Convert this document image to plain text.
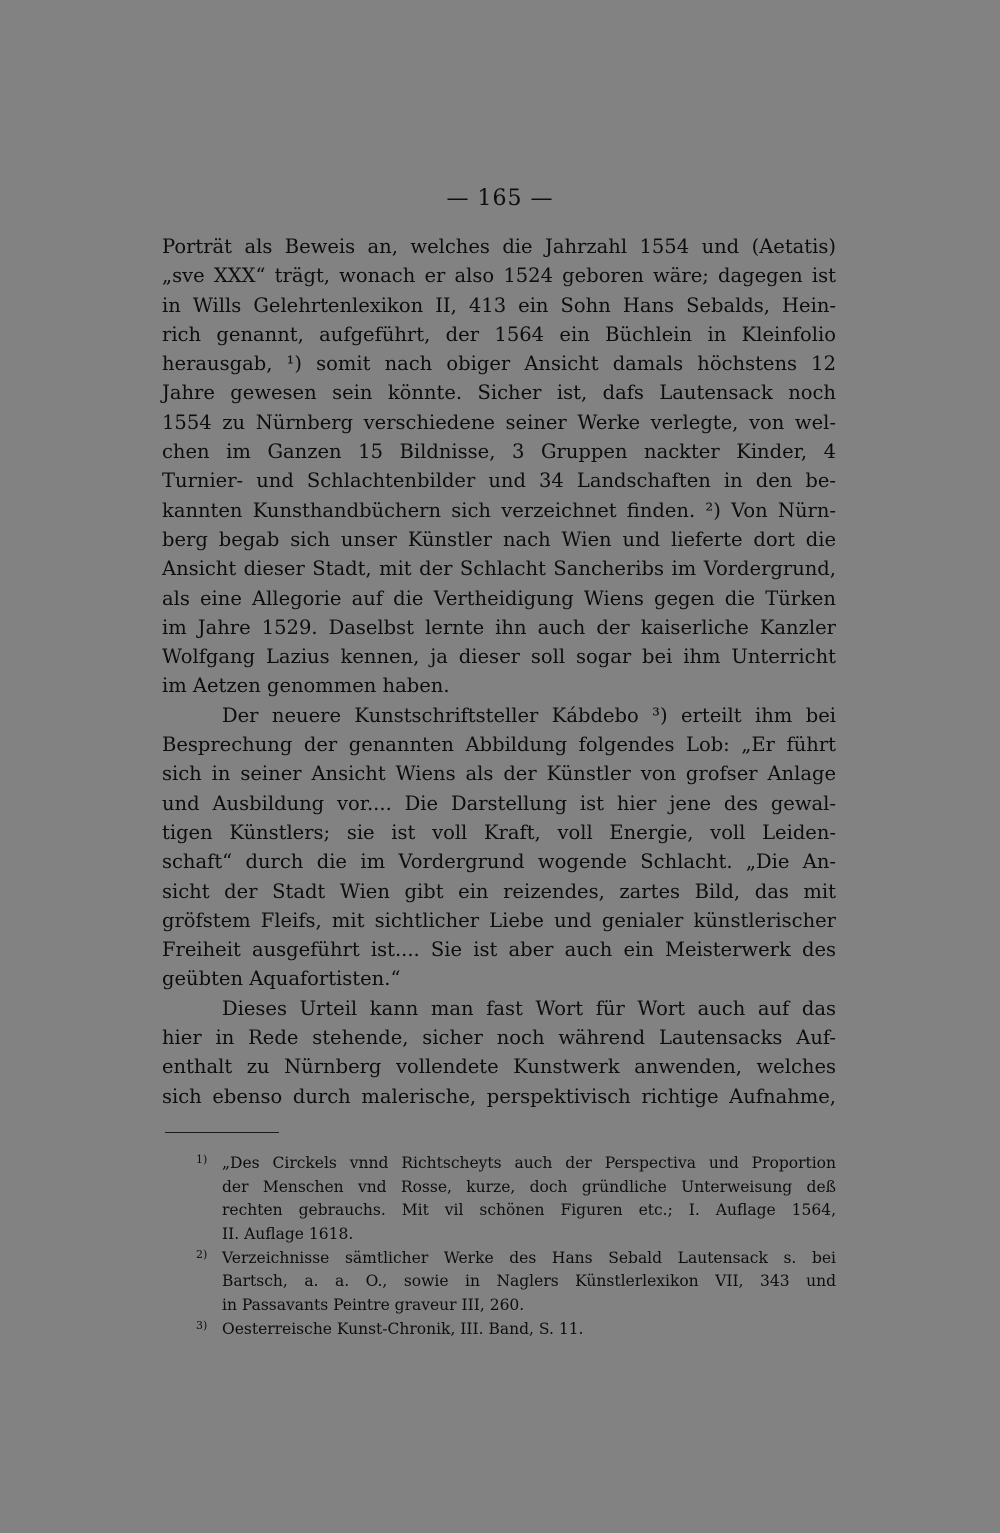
— 165 —
Porträt als Beweis an, welches die Jahrzahl 1554 und (Aetatis)
„sve XXX“ trägt, wonach er also 1524 geboren wäre; dagegen ist
in Wills Gelehrtenlexikon II, 413 ein Sohn Hans Sebalds, Hein-
rich genannt, aufgeführt, der 1564 ein Büchlein in Kleinfolio
herausgab, ¹) somit nach obiger Ansicht damals höchstens 12
Jahre gewesen sein könnte. Sicher ist, dafs Lautensack noch
1554 zu Nürnberg verschiedene seiner Werke verlegte, von wel-
chen im Ganzen 15 Bildnisse, 3 Gruppen nackter Kinder, 4
Turnier- und Schlachtenbilder und 34 Landschaften in den be-
kannten Kunsthandbüchern sich verzeichnet finden. ²) Von Nürn-
berg begab sich unser Künstler nach Wien und lieferte dort die
Ansicht dieser Stadt, mit der Schlacht Sancheribs im Vordergrund,
als eine Allegorie auf die Vertheidigung Wiens gegen die Türken
im Jahre 1529. Daselbst lernte ihn auch der kaiserliche Kanzler
Wolfgang Lazius kennen, ja dieser soll sogar bei ihm Unterricht
im Aetzen genommen haben.
Der neuere Kunstschriftsteller Kábdebo ³) erteilt ihm bei
Besprechung der genannten Abbildung folgendes Lob: „Er führt
sich in seiner Ansicht Wiens als der Künstler von grofser Anlage
und Ausbildung vor.... Die Darstellung ist hier jene des gewal-
tigen Künstlers; sie ist voll Kraft, voll Energie, voll Leiden-
schaft“ durch die im Vordergrund wogende Schlacht. „Die An-
sicht der Stadt Wien gibt ein reizendes, zartes Bild, das mit
gröfstem Fleifs, mit sichtlicher Liebe und genialer künstlerischer
Freiheit ausgeführt ist.... Sie ist aber auch ein Meisterwerk des
geübten Aquafortisten.“
Dieses Urteil kann man fast Wort für Wort auch auf das
hier in Rede stehende, sicher noch während Lautensacks Auf-
enthalt zu Nürnberg vollendete Kunstwerk anwenden, welches
sich ebenso durch malerische, perspektivisch richtige Aufnahme,
1) „Des Circkels vnnd Richtscheyts auch der Perspectiva und Proportion
der Menschen vnd Rosse, kurze, doch gründliche Unterweisung deß
rechten gebrauchs. Mit vil schönen Figuren etc.; I. Auflage 1564,
II. Auflage 1618.
2) Verzeichnisse sämtlicher Werke des Hans Sebald Lautensack s. bei
Bartsch, a. a. O., sowie in Naglers Künstlerlexikon VII, 343 und
in Passavants Peintre graveur III, 260.
3) Oesterreische Kunst-Chronik, III. Band, S. 11.
